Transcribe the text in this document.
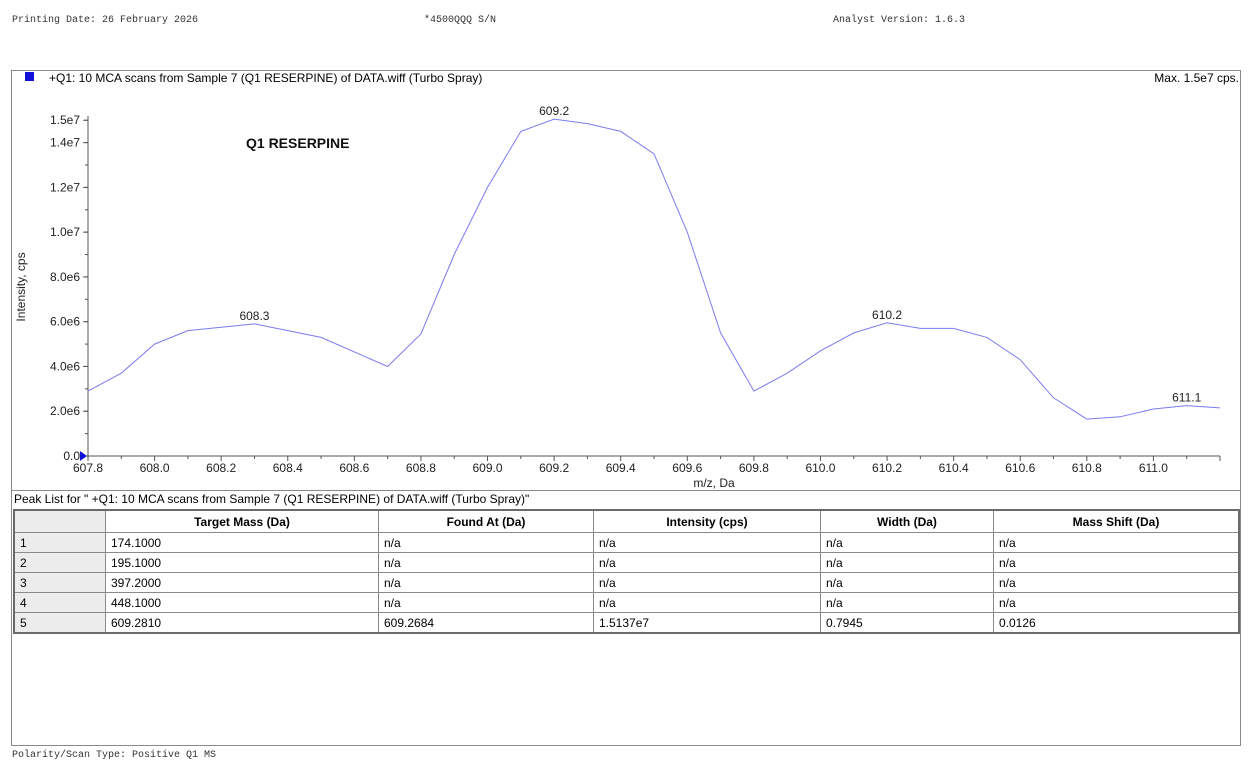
Printing Date: 26 February 2026	*4500QQQ S/N	Analyst Version: 1.6.3
+Q1: 10 MCA scans from Sample 7 (Q1 RESERPINE) of DATA.wiff (Turbo Spray)	Max. 1.5e7 cps.
607.8	608.0	608.2	608.4	608.6	608.8	609.0	609.2	609.4	609.6	609.8	610.0	610.2	610.4	610.6	610.8	611.0
0.0
2.0e6
4.0e6
6.0e6
8.0e6
1.0e7
1.2e7
1.4e7
1.5e7
m/z, Da
Intensity, cps	608.3
609.2
610.2
611.1
Q1 RESERPINE
Peak List for " +Q1: 10 MCA scans from Sample 7 (Q1 RESERPINE) of DATA.wiff (Turbo Spray)"
	Target Mass (Da)	Found At (Da)	Intensity (cps)	Width (Da)	Mass Shift (Da)
1	174.1000	n/a	n/a	n/a	n/a
2	195.1000	n/a	n/a	n/a	n/a
3	397.2000	n/a	n/a	n/a	n/a
4	448.1000	n/a	n/a	n/a	n/a
5	609.2810	609.2684	1.5137e7	0.7945	0.0126
Polarity/Scan Type: Positive Q1 MS
